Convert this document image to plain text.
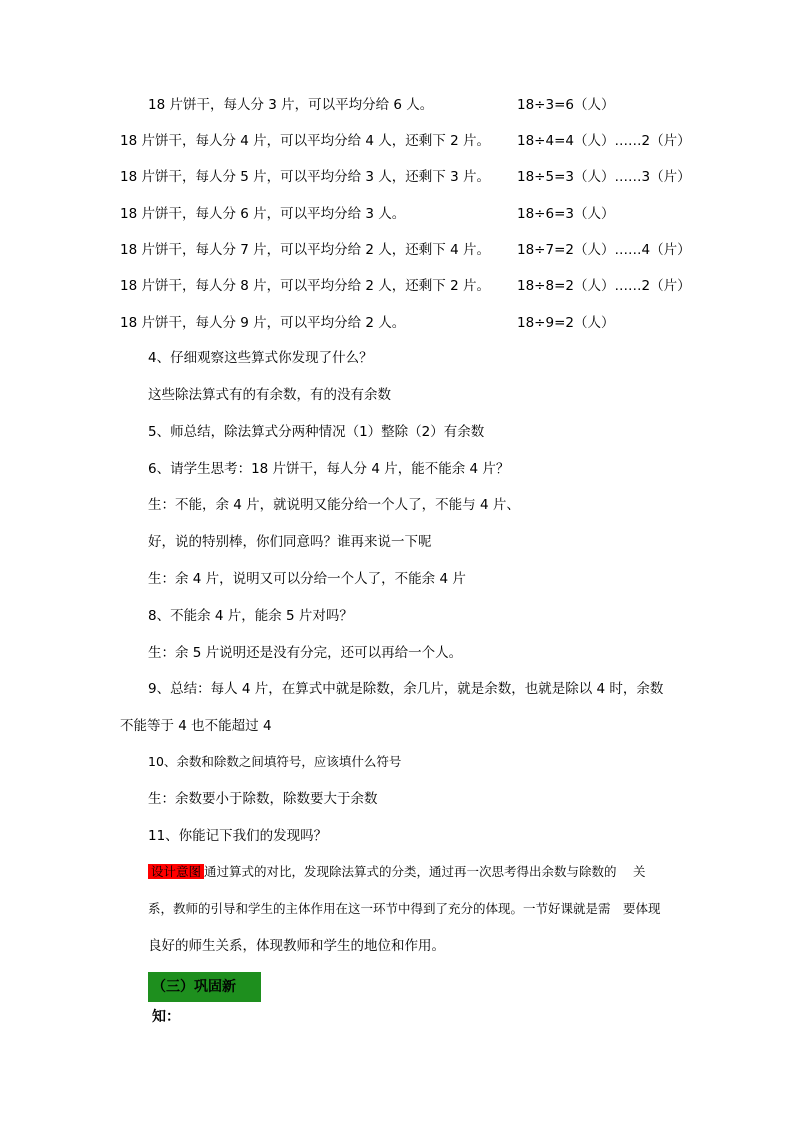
18 片饼干，每人分 3 片，可以平均分给 6 人。	18÷3=6（人）
18 片饼干，每人分 4 片，可以平均分给 4 人，还剩下 2 片。 18÷4=4（人）……2（片）
18 片饼干，每人分 5 片，可以平均分给 3 人，还剩下 3 片。 18÷5=3（人）……3（片）
18 片饼干，每人分 6 片，可以平均分给 3 人。	18÷6=3（人）
18 片饼干，每人分 7 片，可以平均分给 2 人，还剩下 4 片。 18÷7=2（人）……4（片）
18 片饼干，每人分 8 片，可以平均分给 2 人，还剩下 2 片。 18÷8=2（人）……2（片）
18 片饼干，每人分 9 片，可以平均分给 2 人。	18÷9=2（人）
4、仔细观察这些算式你发现了什么？
这些除法算式有的有余数，有的没有余数
5、师总结，除法算式分两种情况（1）整除（2）有余数
6、请学生思考：18 片饼干，每人分 4 片，能不能余 4 片？
生：不能，余 4 片，就说明又能分给一个人了，不能与 4 片、
好，说的特别棒，你们同意吗？谁再来说一下呢
生：余 4 片，说明又可以分给一个人了，不能余 4 片
8、不能余 4 片，能余 5 片对吗？
生：余 5 片说明还是没有分完，还可以再给一个人。
9、总结：每人 4 片，在算式中就是除数，余几片，就是余数，也就是除以 4 时，余数
不能等于 4 也不能超过 4
10、余数和除数之间填符号，应该填什么符号
生：余数要小于除数，除数要大于余数
11、你能记下我们的发现吗？
设计意图 通过算式的对比，发现除法算式的分类，通过再一次思考得出余数与除数的　 关
系，教师的引导和学生的主体作用在这一环节中得到了充分的体现。一节好课就是需　要体现
良好的师生关系，体现教师和学生的地位和作用。
（三）巩固新知：
